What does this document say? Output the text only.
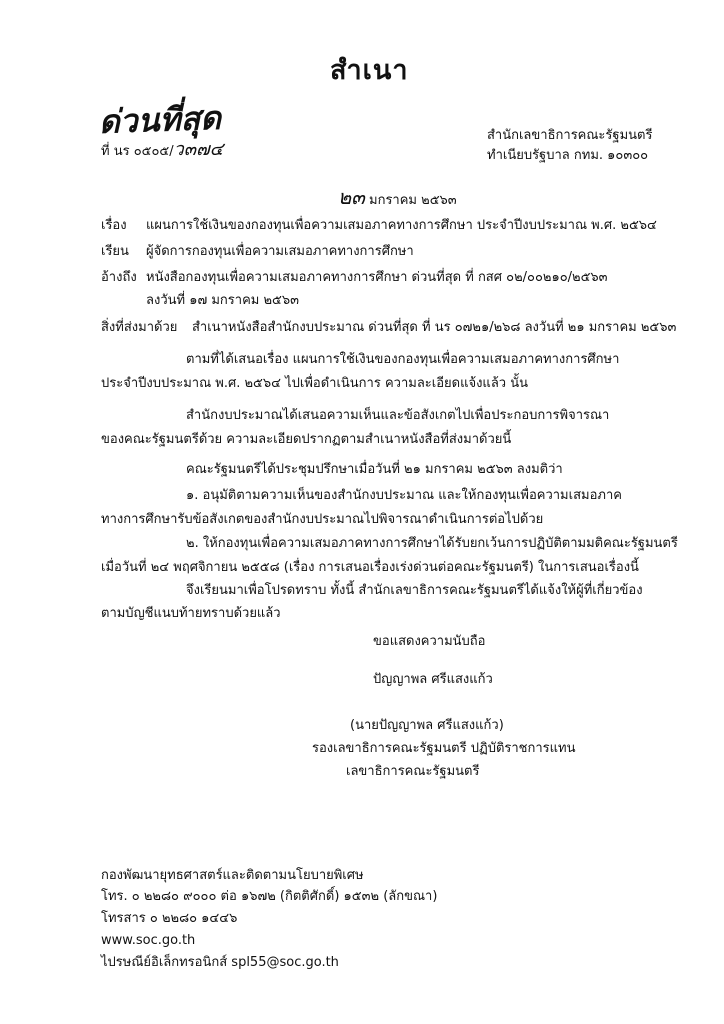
สำเนา
ด่วนที่สุด
ที่ นร ๐๕๐๕/ว๓๗๔
สำนักเลขาธิการคณะรัฐมนตรี
ทำเนียบรัฐบาล กทม. ๑๐๓๐๐
๒๓ มกราคม ๒๕๖๓
เรื่อง แผนการใช้เงินของกองทุนเพื่อความเสมอภาคทางการศึกษา ประจำปีงบประมาณ พ.ศ. ๒๕๖๔
เรียน ผู้จัดการกองทุนเพื่อความเสมอภาคทางการศึกษา
อ้างถึง หนังสือกองทุนเพื่อความเสมอภาคทางการศึกษา ด่วนที่สุด ที่ กสศ ๐๒/๐๐๒๑๐/๒๕๖๓
ลงวันที่ ๑๗ มกราคม ๒๕๖๓
สิ่งที่ส่งมาด้วย สำเนาหนังสือสำนักงบประมาณ ด่วนที่สุด ที่ นร ๐๗๒๑/๒๖๘ ลงวันที่ ๒๑ มกราคม ๒๕๖๓
ตามที่ได้เสนอเรื่อง แผนการใช้เงินของกองทุนเพื่อความเสมอภาคทางการศึกษา
ประจำปีงบประมาณ พ.ศ. ๒๕๖๔ ไปเพื่อดำเนินการ ความละเอียดแจ้งแล้ว นั้น
สำนักงบประมาณได้เสนอความเห็นและข้อสังเกตไปเพื่อประกอบการพิจารณา
ของคณะรัฐมนตรีด้วย ความละเอียดปรากฏตามสำเนาหนังสือที่ส่งมาด้วยนี้
คณะรัฐมนตรีได้ประชุมปรึกษาเมื่อวันที่ ๒๑ มกราคม ๒๕๖๓ ลงมติว่า
๑. อนุมัติตามความเห็นของสำนักงบประมาณ และให้กองทุนเพื่อความเสมอภาค
ทางการศึกษารับข้อสังเกตของสำนักงบประมาณไปพิจารณาดำเนินการต่อไปด้วย
๒. ให้กองทุนเพื่อความเสมอภาคทางการศึกษาได้รับยกเว้นการปฏิบัติตามมติคณะรัฐมนตรี
เมื่อวันที่ ๒๔ พฤศจิกายน ๒๕๕๘ (เรื่อง การเสนอเรื่องเร่งด่วนต่อคณะรัฐมนตรี) ในการเสนอเรื่องนี้
จึงเรียนมาเพื่อโปรดทราบ ทั้งนี้ สำนักเลขาธิการคณะรัฐมนตรีได้แจ้งให้ผู้ที่เกี่ยวข้อง
ตามบัญชีแนบท้ายทราบด้วยแล้ว
ขอแสดงความนับถือ
ปัญญาพล ศรีแสงแก้ว
(นายปัญญาพล ศรีแสงแก้ว)
รองเลขาธิการคณะรัฐมนตรี ปฏิบัติราชการแทน
เลขาธิการคณะรัฐมนตรี
กองพัฒนายุทธศาสตร์และติดตามนโยบายพิเศษ
โทร. ๐ ๒๒๘๐ ๙๐๐๐ ต่อ ๑๖๗๒ (กิตติศักดิ์) ๑๕๓๒ (ลักขณา)
โทรสาร ๐ ๒๒๘๐ ๑๔๔๖
www.soc.go.th
ไปรษณีย์อิเล็กทรอนิกส์ spl55@soc.go.th
